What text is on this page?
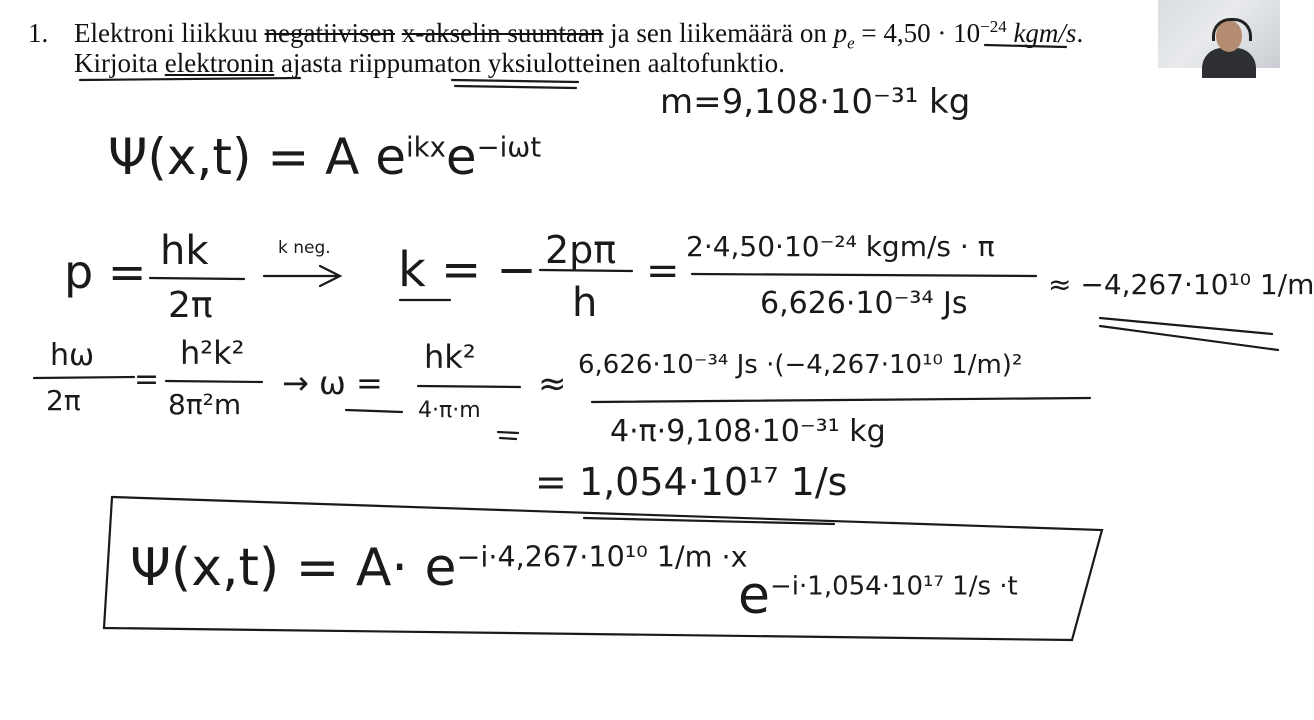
1. Elektroni liikkuu negatiivisen x-akselin suuntaan ja sen liikemäärä on $p_e = 4,50 \cdot 10^{-24}$ kgm/s. Kirjoita elektronin ajasta riippumaton yksiulotteinen aaltofunktio.
m=9,108·10⁻³¹ kg
Ψ(x,t) = A $e^{ikx}e^{-i\omega t}$
p = hk
2π
k neg. k = − 2pπ
h
=
2·4,50·10⁻²⁴ kgm/s · π
6,626·10⁻³⁴ Js
≈ −4,267·10¹⁰ 1/m
hω
2π
=
h²k²
8π²m
→ ω =
hk²
4·π·m
≈ 6,626·10⁻³⁴ Js ·(−4,267·10¹⁰ 1/m)²
4·π·9,108·10⁻³¹ kg
= 1,054·10¹⁷ 1/s
$\Psi(x,t) = A\cdot e^{-i\cdot 4,267\cdot 10^{10} 1/m \cdot x}$
$e^{-i\cdot 1,054\cdot 10^{17} 1/s \cdot t}$
